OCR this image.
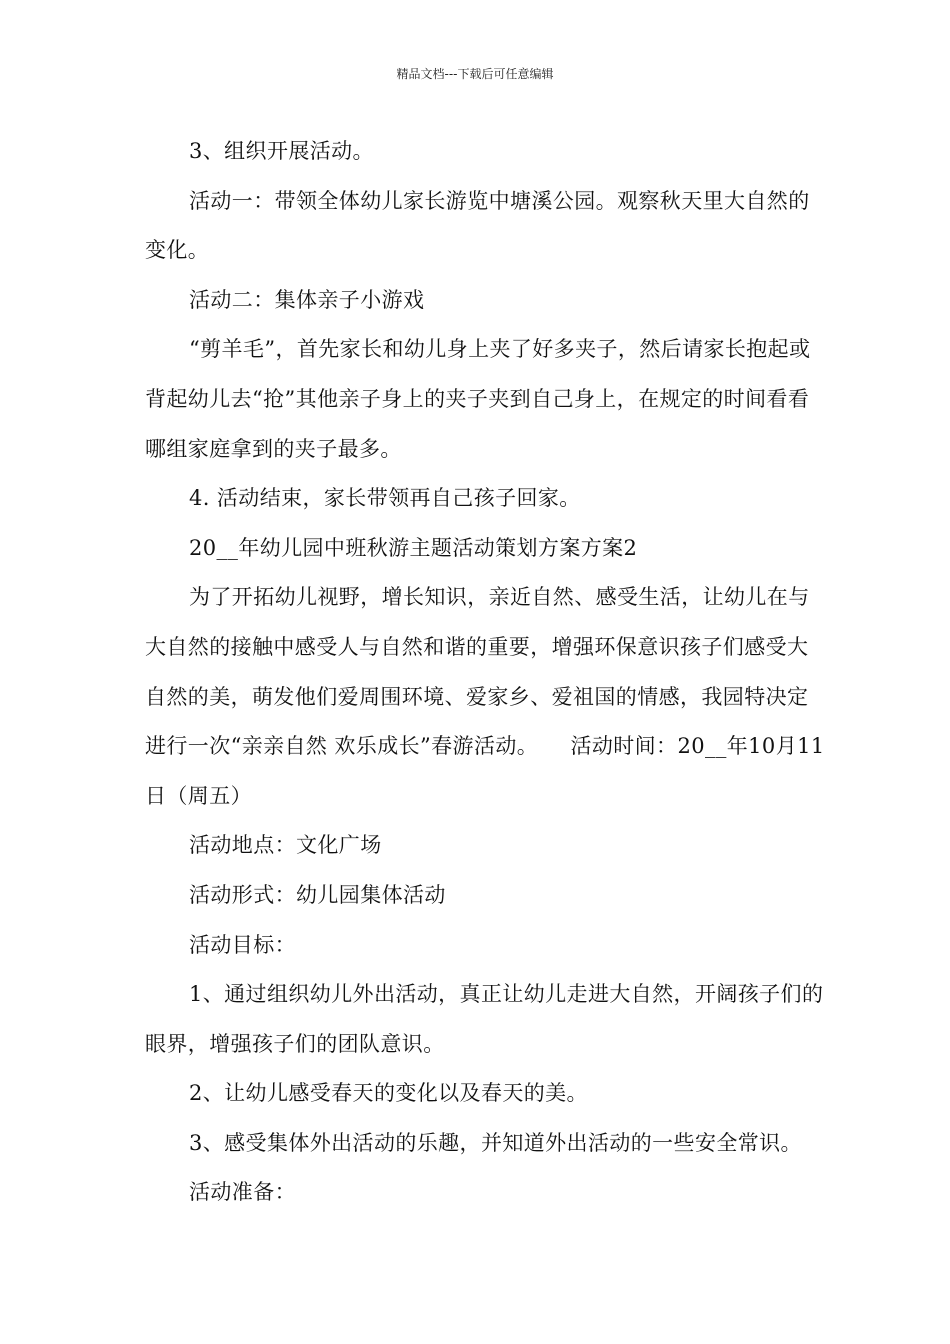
精品文档---下载后可任意编辑

3、组织开展活动。

活动一：带领全体幼儿家长游览中塘溪公园。观察秋天里大自然的变化。

活动二：集体亲子小游戏

“剪羊毛”，首先家长和幼儿身上夹了好多夹子，然后请家长抱起或背起幼儿去“抢”其他亲子身上的夹子夹到自己身上，在规定的时间看看哪组家庭拿到的夹子最多。

4. 活动结束，家长带领再自己孩子回家。

20__年幼儿园中班秋游主题活动策划方案方案2

为了开拓幼儿视野，增长知识，亲近自然、感受生活，让幼儿在与大自然的接触中感受人与自然和谐的重要，增强环保意识孩子们感受大自然的美，萌发他们爱周围环境、爱家乡、爱祖国的情感，我园特决定进行一次“亲亲自然 欢乐成长”春游活动。　　活动时间：20__年10月11日（周五）

活动地点：文化广场

活动形式：幼儿园集体活动

活动目标：

1、通过组织幼儿外出活动，真正让幼儿走进大自然，开阔孩子们的眼界，增强孩子们的团队意识。

2、让幼儿感受春天的变化以及春天的美。

3、感受集体外出活动的乐趣，并知道外出活动的一些安全常识。

活动准备：
